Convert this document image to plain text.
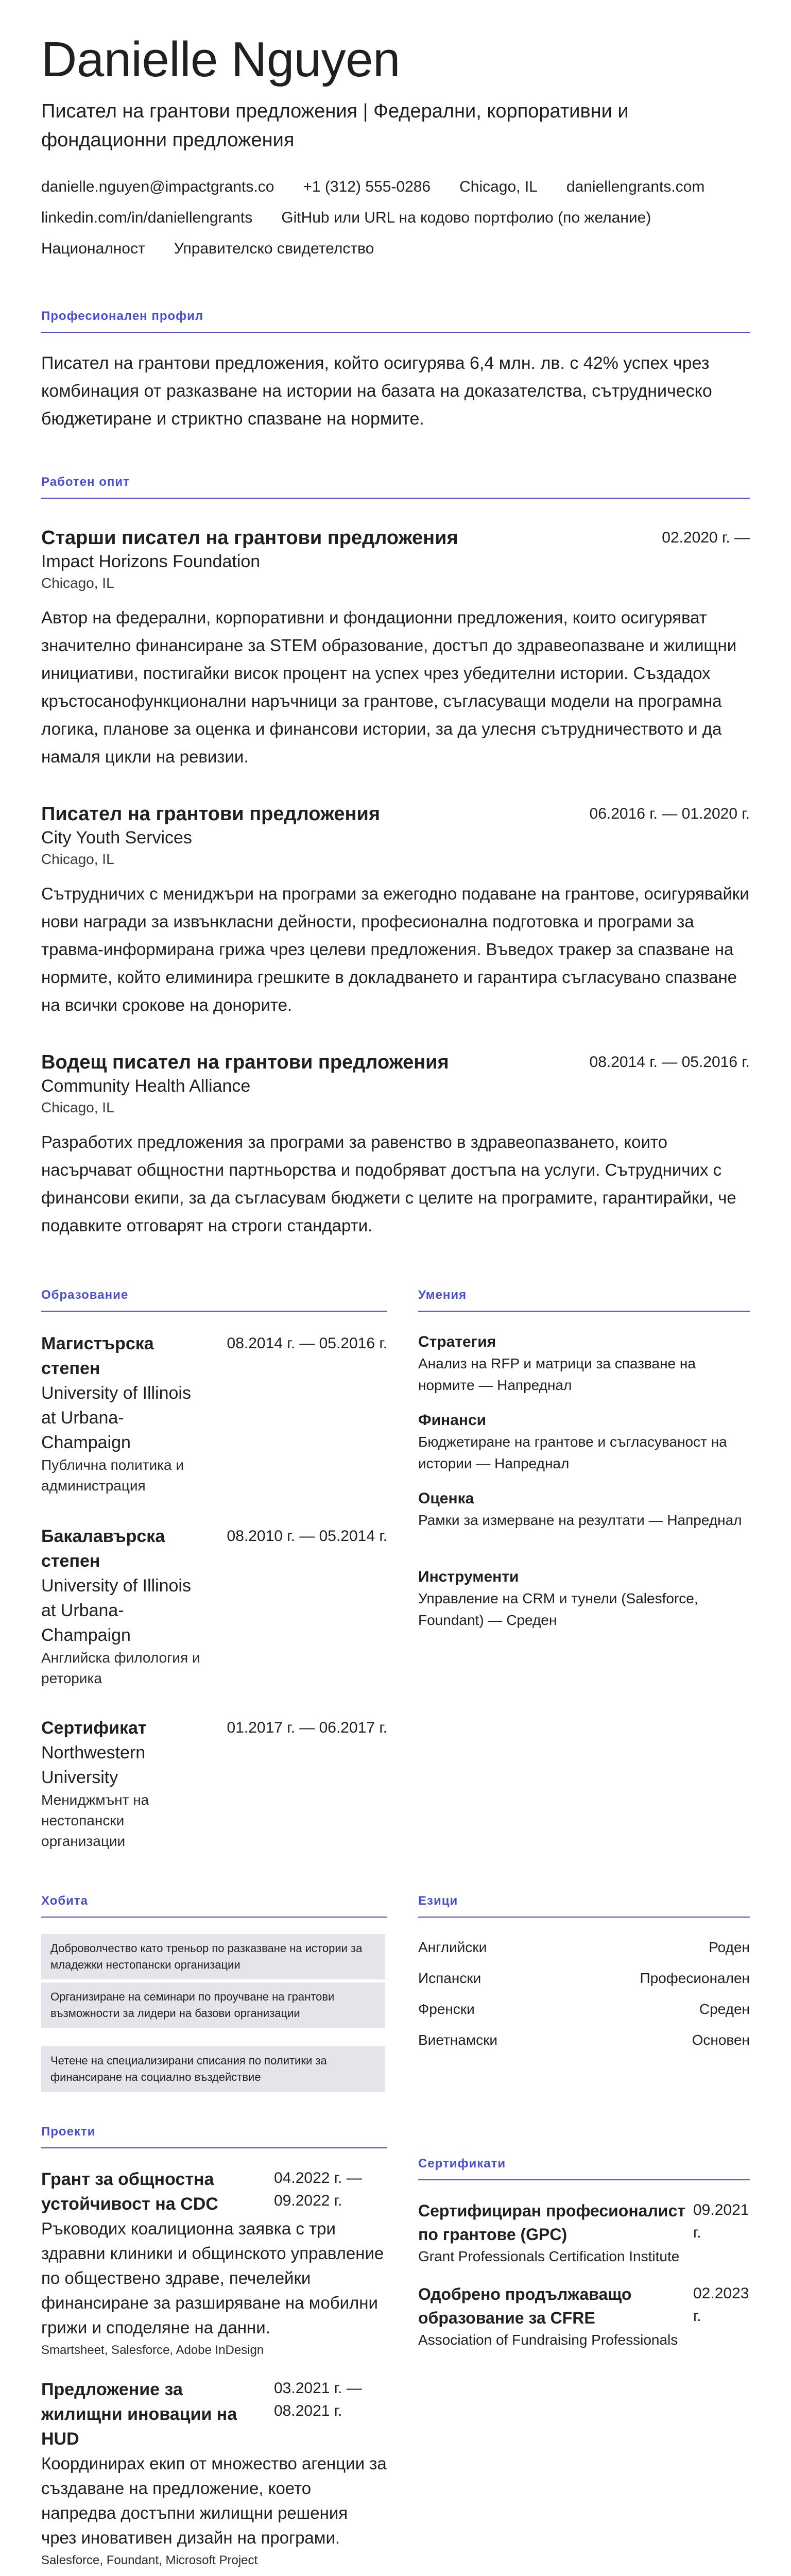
Danielle Nguyen
Писател на грантови предложения | Федерални, корпоративни и фондационни предложения
danielle.nguyen@impactgrants.co +1 (312) 555-0286 Chicago, IL daniellengrants.com
linkedin.com/in/daniellengrants GitHub или URL на кодово портфолио (по желание)
Националност Управителско свидетелство
Професионален профил
Писател на грантови предложения, който осигурява 6,4 млн. лв. с 42% успех чрез комбинация от разказване на истории на базата на доказателства, сътрудническо бюджетиране и стриктно спазване на нормите.
Работен опит
Старши писател на грантови предложения	02.2020 г. —
Impact Horizons Foundation
Chicago, IL
Автор на федерални, корпоративни и фондационни предложения, които осигуряват значително финансиране за STEM образование, достъп до здравеопазване и жилищни инициативи, постигайки висок процент на успех чрез убедителни истории. Създадох кръстосанофункционални наръчници за грантове, съгласуващи модели на програмна логика, планове за оценка и финансови истории, за да улесня сътрудничеството и да намаля цикли на ревизии.
Писател на грантови предложения	06.2016 г. — 01.2020 г.
City Youth Services
Chicago, IL
Сътрудничих с мениджъри на програми за ежегодно подаване на грантове, осигурявайки нови награди за извънкласни дейности, професионална подготовка и програми за травма-информирана грижа чрез целеви предложения. Въведох тракер за спазване на нормите, който елиминира грешките в докладването и гарантира съгласувано спазване на всички срокове на донорите.
Водещ писател на грантови предложения	08.2014 г. — 05.2016 г.
Community Health Alliance
Chicago, IL
Разработих предложения за програми за равенство в здравеопазването, които насърчават общностни партньорства и подобряват достъпа на услуги. Сътрудничих с финансови екипи, за да съгласувам бюджети с целите на програмите, гарантирайки, че подавките отговарят на строги стандарти.
Образование
Магистърска степен
08.2014 г. — 05.2016 г.
University of Illinois at Urbana-Champaign
Публична политика и администрация
Бакалавърска степен
08.2010 г. — 05.2014 г.
University of Illinois at Urbana-Champaign
Английска филология и реторика
Сертификат	01.2017 г. — 06.2017 г.
Northwestern University
Мениджмънт на нестопански организации
Умения
Стратегия
Анализ на RFP и матрици за спазване на нормите — Напреднал
Финанси
Бюджетиране на грантове и съгласуваност на истории — Напреднал
Оценка
Рамки за измерване на резултати — Напреднал
Инструменти
Управление на CRM и тунели (Salesforce, Foundant) — Среден
Хобита
Доброволчество като треньор по разказване на истории за младежки нестопански организации
Организиране на семинари по проучване на грантови възможности за лидери на базови организации
Четене на специализирани списания по политики за финансиране на социално въздействие
Езици
Английски	Роден
Испански	Професионален
Френски	Среден
Виетнамски	Основен
Проекти
Грант за общностна устойчивост на CDC
04.2022 г. — 09.2022 г.
Ръководих коалиционна заявка с три здравни клиники и общинското управление по обществено здраве, печелейки финансиране за разширяване на мобилни грижи и споделяне на данни.
Smartsheet, Salesforce, Adobe InDesign
Предложение за жилищни иновации на HUD
03.2021 г. — 08.2021 г.
Координирах екип от множество агенции за създаване на предложение, което напредва достъпни жилищни решения чрез иновативен дизайн на програми.
Salesforce, Foundant, Microsoft Project
Сертификати
Сертифициран професионалист по грантове (GPC)
09.2021 г.
Grant Professionals Certification Institute
Одобрено продължаващо образование за CFRE
02.2023 г.
Association of Fundraising Professionals
